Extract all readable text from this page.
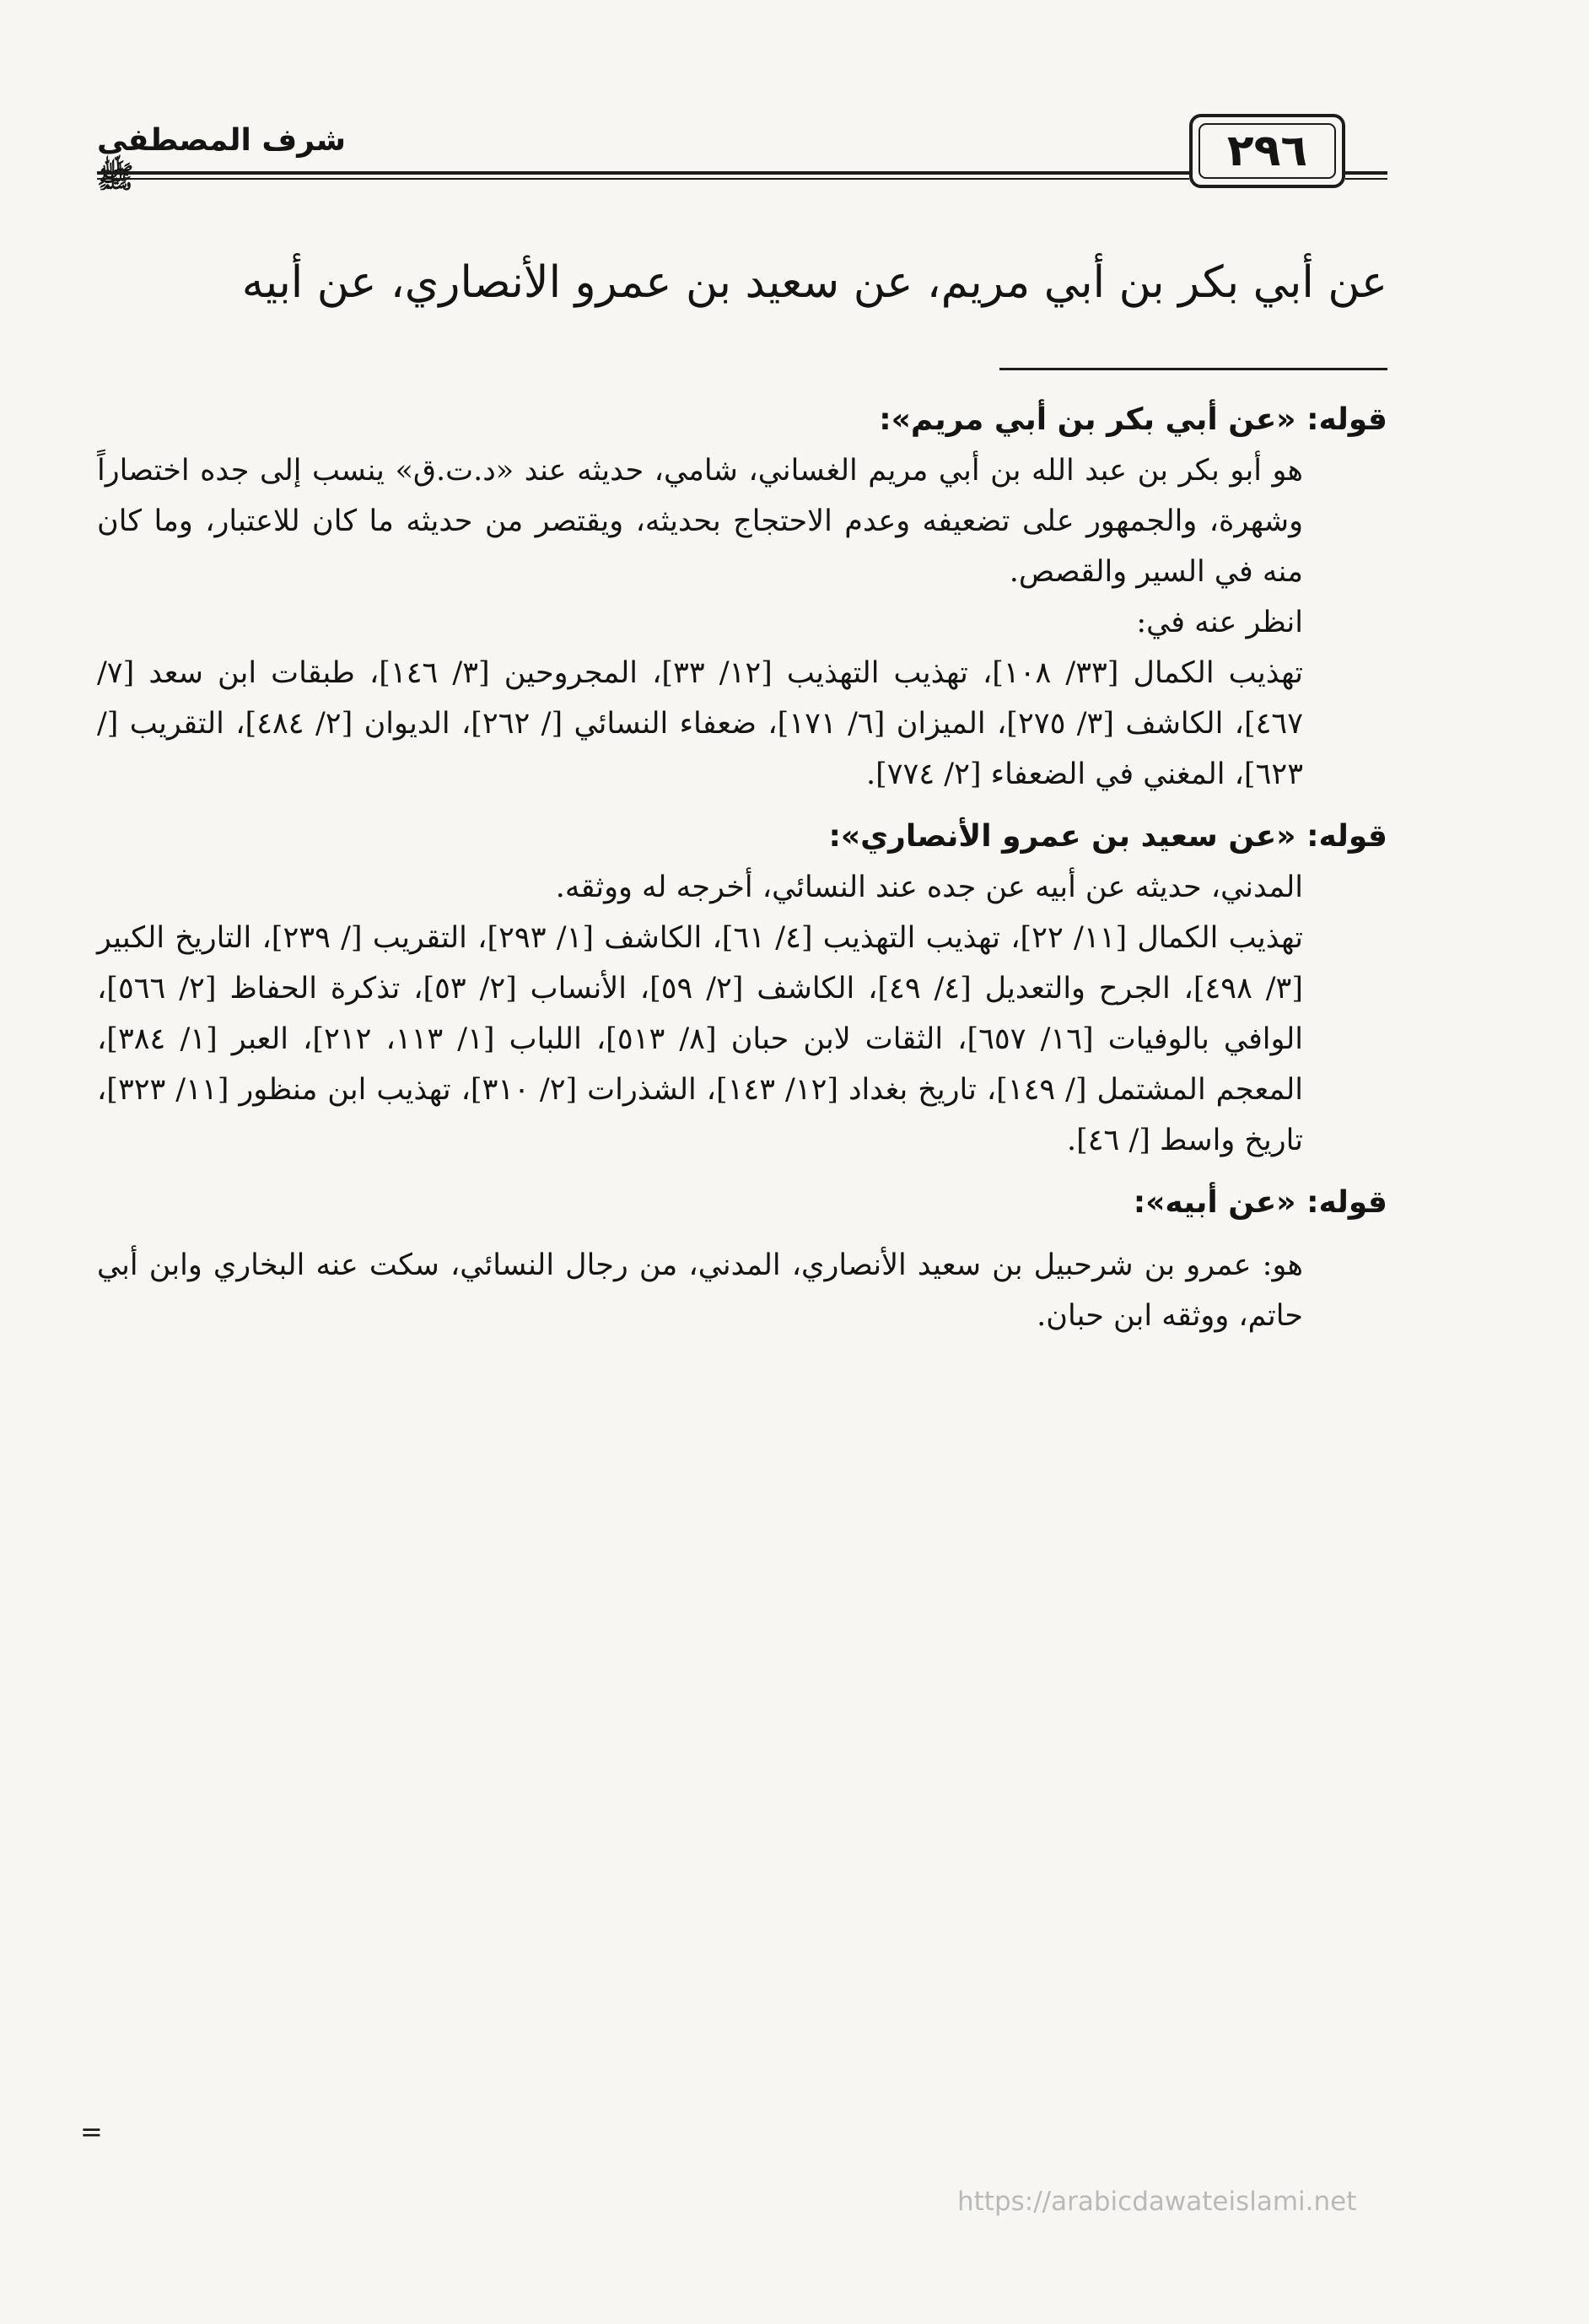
شرف المصطفى ﷺ
٢٩٦
عن أبي بكر بن أبي مريم، عن سعيد بن عمرو الأنصاري، عن أبيه

قوله: «عن أبي بكر بن أبي مريم»:

هو أبو بكر بن عبد الله بن أبي مريم الغساني، شامي، حديثه عند «د.ت.ق» ينسب إلى جده اختصاراً وشهرة، والجمهور على تضعيفه وعدم الاحتجاج بحديثه، ويقتصر من حديثه ما كان للاعتبار، وما كان منه في السير والقصص.

انظر عنه في:

تهذيب الكمال [٣٣/ ١٠٨]، تهذيب التهذيب [١٢/ ٣٣]، المجروحين [٣/ ١٤٦]، طبقات ابن سعد [٧/ ٤٦٧]، الكاشف [٣/ ٢٧٥]، الميزان [٦/ ١٧١]، ضعفاء النسائي [/ ٢٦٢]، الديوان [٢/ ٤٨٤]، التقريب [/ ٦٢٣]، المغني في الضعفاء [٢/ ٧٧٤].

قوله: «عن سعيد بن عمرو الأنصاري»:

المدني، حديثه عن أبيه عن جده عند النسائي، أخرجه له ووثقه.

تهذيب الكمال [١١/ ٢٢]، تهذيب التهذيب [٤/ ٦١]، الكاشف [١/ ٢٩٣]، التقريب [/ ٢٣٩]، التاريخ الكبير [٣/ ٤٩٨]، الجرح والتعديل [٤/ ٤٩]، الكاشف [٢/ ٥٩]، الأنساب [٢/ ٥٣]، تذكرة الحفاظ [٢/ ٥٦٦]، الوافي بالوفيات [١٦/ ٦٥٧]، الثقات لابن حبان [٨/ ٥١٣]، اللباب [١/ ١١٣، ٢١٢]، العبر [١/ ٣٨٤]، المعجم المشتمل [/ ١٤٩]، تاريخ بغداد [١٢/ ١٤٣]، الشذرات [٢/ ٣١٠]، تهذيب ابن منظور [١١/ ٣٢٣]، تاريخ واسط [/ ٤٦].

قوله: «عن أبيه»:

هو: عمرو بن شرحبيل بن سعيد الأنصاري، المدني، من رجال النسائي، سكت عنه البخاري وابن أبي حاتم، ووثقه ابن حبان.

=
https://arabicdawateislami.net
